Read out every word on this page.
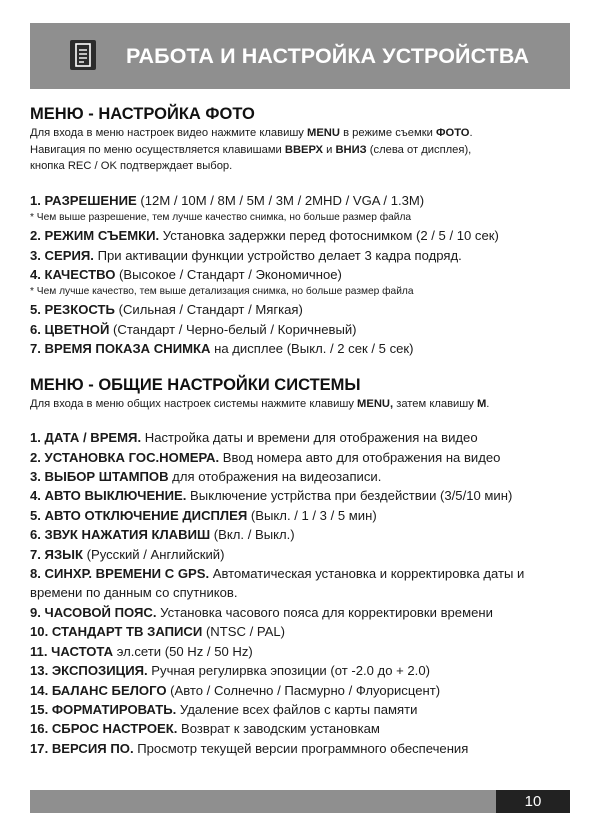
РАБОТА И НАСТРОЙКА УСТРОЙСТВА
МЕНЮ - НАСТРОЙКА ФОТО
Для входа в меню настроек видео нажмите клавишу MENU в режиме съемки ФОТО.
Навигация по меню осуществляется клавишами ВВЕРХ и ВНИЗ (слева от дисплея),
кнопка REC / OK подтверждает выбор.
1. РАЗРЕШЕНИЕ (12M / 10M / 8M / 5M / 3M / 2MHD / VGA / 1.3M)
* Чем выше разрешение, тем лучше качество снимка, но больше размер файла
2. РЕЖИМ СЪЕМКИ. Установка задержки перед фотоснимком (2 / 5 / 10 сек)
3. СЕРИЯ. При активации функции устройство делает 3 кадра подряд.
4. КАЧЕСТВО (Высокое / Стандарт / Экономичное)
* Чем лучше качество, тем выше детализация снимка, но больше размер файла
5. РЕЗКОСТЬ (Сильная / Стандарт / Мягкая)
6. ЦВЕТНОЙ (Стандарт / Черно-белый / Коричневый)
7. ВРЕМЯ ПОКАЗА СНИМКА на дисплее (Выкл. / 2 сек / 5 сек)
МЕНЮ - ОБЩИЕ НАСТРОЙКИ СИСТЕМЫ
Для входа в меню общих настроек системы нажмите клавишу MENU, затем клавишу M.
1. ДАТА / ВРЕМЯ. Настройка даты и времени для отображения на видео
2. УСТАНОВКА ГОС.НОМЕРА. Ввод номера авто для отображения на видео
3. ВЫБОР ШТАМПОВ для отображения на видеозаписи.
4. АВТО ВЫКЛЮЧЕНИЕ. Выключение устрйства при бездействии (3/5/10 мин)
5. АВТО ОТКЛЮЧЕНИЕ ДИСПЛЕЯ (Выкл. / 1 / 3 / 5 мин)
6. ЗВУК НАЖАТИЯ КЛАВИШ (Вкл. / Выкл.)
7. ЯЗЫК (Русский / Английский)
8. СИНХР. ВРЕМЕНИ С GPS. Автоматическая установка и корректировка даты и времени по данным со спутников.
9. ЧАСОВОЙ ПОЯС. Установка часового пояса для корректировки времени
10. СТАНДАРТ ТВ ЗАПИСИ (NTSC / PAL)
11. ЧАСТОТА эл.сети (50 Hz / 50 Hz)
13. ЭКСПОЗИЦИЯ. Ручная регулирвка эпозиции (от -2.0 до + 2.0)
14. БАЛАНС БЕЛОГО (Авто / Солнечно / Пасмурно / Флуорисцент)
15. ФОРМАТИРОВАТЬ. Удаление всех файлов с карты памяти
16. СБРОС НАСТРОЕК. Возврат к заводским установкам
17. ВЕРСИЯ ПО. Просмотр текущей версии программного обеспечения
10
